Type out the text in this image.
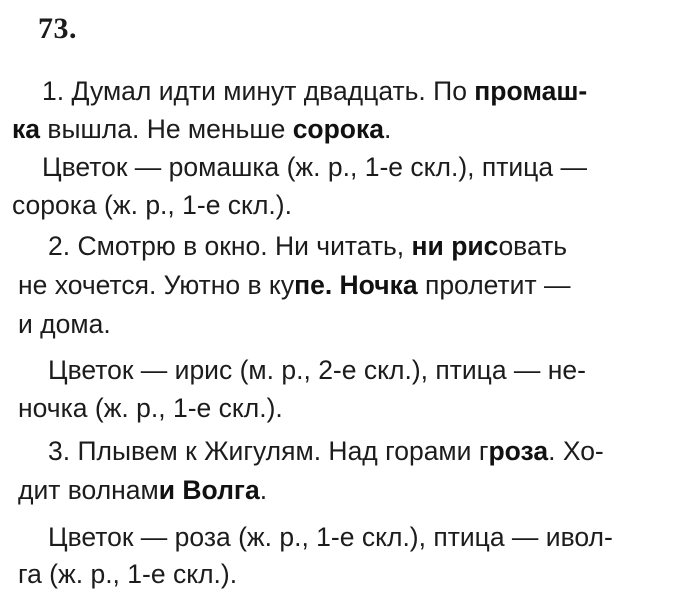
73.
1. Думал идти минут двадцать. По промаш-
ка вышла. Не меньше сорока.
Цветок — ромашка (ж. р., 1-е скл.), птица —
сорока (ж. р., 1-е скл.).
2. Смотрю в окно. Ни читать, ни рисовать
не хочется. Уютно в купе. Ночка пролетит —
и дома.
Цветок — ирис (м. р., 2-е скл.), птица — не-
ночка (ж. р., 1-е скл.).
3. Плывем к Жигулям. Над горами гроза. Хо-
дит волнами Волга.
Цветок — роза (ж. р., 1-е скл.), птица — ивол-
га (ж. р., 1-е скл.).
